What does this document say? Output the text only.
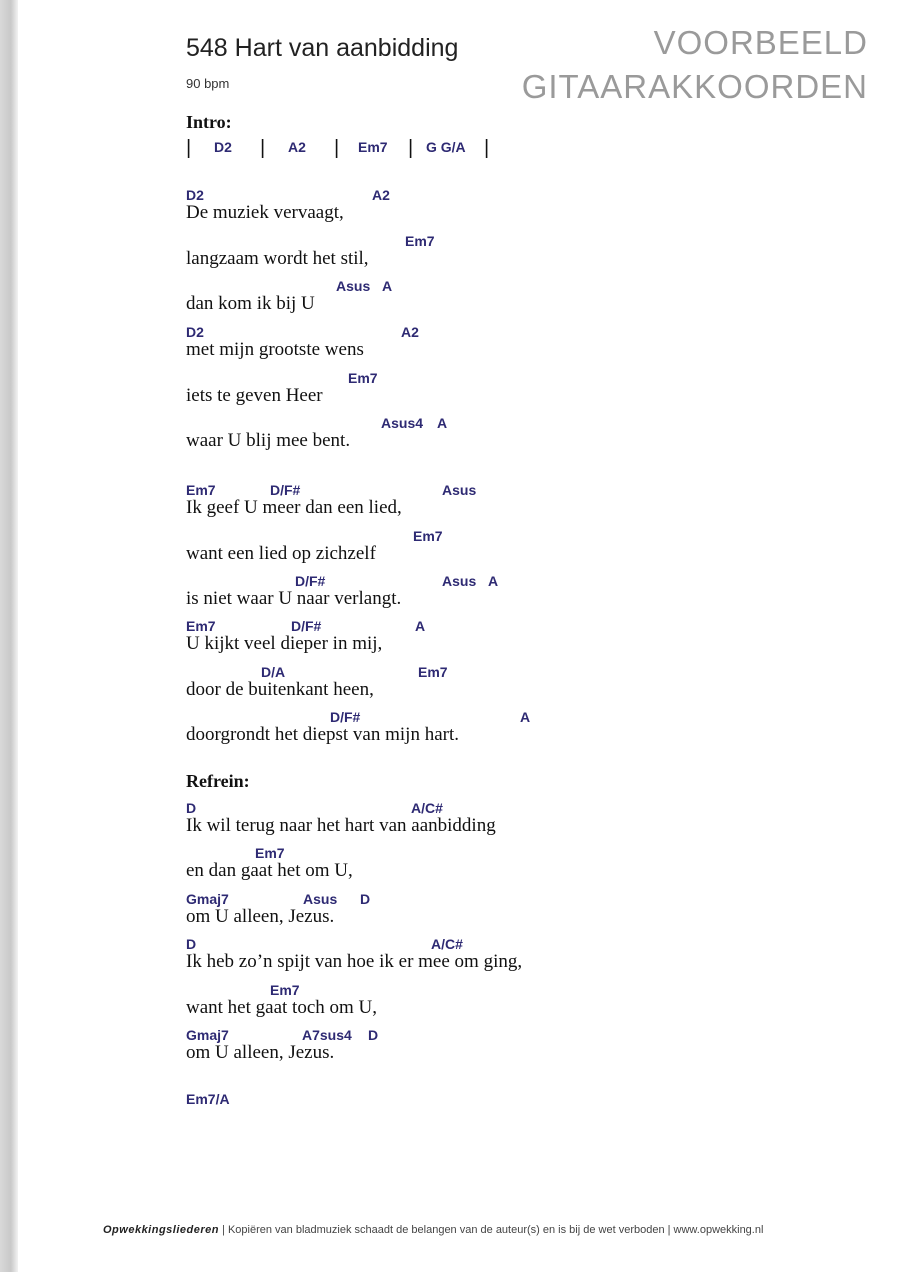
548 Hart van aanbidding
90 bpm
VOORBEELD
GITAARAKKOORDEN
Intro:
| D2 | A2 | Em7 | G G/A |
D2	A2
De muziek vervaagt,
Em7
langzaam wordt het stil,
Asus A
dan kom ik bij U
D2	A2
met mijn grootste wens
Em7
iets te geven Heer
Asus4 A
waar U blij mee bent.
Em7	D/F#	Asus
Ik geef U meer dan een lied,
Em7
want een lied op zichzelf
D/F#	Asus A
is niet waar U naar verlangt.
Em7	D/F#	A
U kijkt veel dieper in mij,
D/A	Em7
door de buitenkant heen,
D/F#	A
doorgrondt het diepst van mijn hart.
Refrein:
D	A/C#
Ik wil terug naar het hart van aanbidding
Em7
en dan gaat het om U,
Gmaj7	Asus D
om U alleen, Jezus.
D	A/C#
Ik heb zo’n spijt van hoe ik er mee om ging,
Em7
want het gaat toch om U,
Gmaj7	A7sus4 D
om U alleen, Jezus.
Em7/A
Opwekkingsliederen | Kopiëren van bladmuziek schaadt de belangen van de auteur(s) en is bij de wet verboden | www.opwekking.nl
